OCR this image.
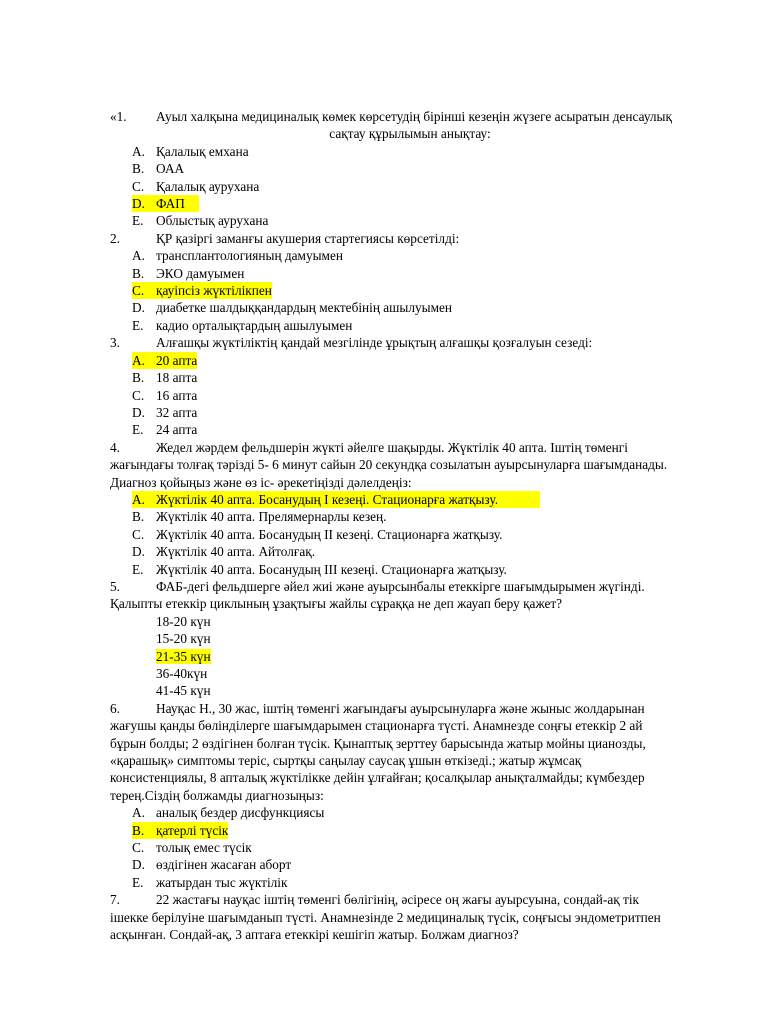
«1.	Ауыл халқына медициналық көмек көрсетудің бірінші кезеңін жүзеге асыратын денсаулық
сақтау құрылымын анықтау:
A. Қалалық емхана
B. ОАА
C. Қалалық аурухана
D. ФАП
E. Облыстық аурухана
2.	ҚР қазіргі заманғы акушерия стартегиясы көрсетілді:
A. трансплантологияның дамуымен
B. ЭКО дамуымен
C. қауіпсіз жүктілікпен
D. диабетке шалдыққандардың мектебінің ашылуымен
E. кадио орталықтардың ашылуымен
3.	Алғашқы жүктіліктің қандай мезгілінде ұрықтың алғашқы қозғалуын сезеді:
A. 20 апта
B. 18 апта
C. 16 апта
D. 32 апта
E. 24 апта
4.	Жедел жәрдем фельдшерін жүкті әйелге шақырды. Жүктілік 40 апта. Іштің төменгі
жағындағы толғақ тәрізді 5- 6 минут сайын 20 секундқа созылатын ауырсынуларға шағымданады.
Диагноз қойыңыз және өз іс- әрекетіңізді дәлелдеңіз:
A. Жүктілік 40 апта. Босанудың I кезеңі. Стационарға жатқызу.
B. Жүктілік 40 апта. Прелямернарлы кезең.
C. Жүктілік 40 апта. Босанудың II кезеңі. Стационарға жатқызу.
D. Жүктілік 40 апта. Айтолғақ.
E. Жүктілік 40 апта. Босанудың III кезеңі. Стационарға жатқызу.
5.	ФАБ-дегі фельдшерге әйел жиі және ауырсынбалы етеккірге шағымдырымен жүгінді.
Қалыпты етеккір циклының ұзақтығы жайлы сұраққа не деп жауап беру қажет?
18-20 күн
15-20 күн
21-35 күн
36-40күн
41-45 күн
6.	Науқас Н., 30 жас, іштің төменгі жағындағы ауырсынуларға және жыныс жолдарынан
жағушы қанды бөлінділерге шағымдарымен стационарға түсті. Анамнезде соңғы етеккір 2 ай
бұрын болды; 2 өздігінен болған түсік. Қынаптық зерттеу барысында жатыр мойны цианозды,
«қарашық» симптомы теріс, сыртқы саңылау саусақ ұшын өткізеді.; жатыр жұмсақ
консистенциялы, 8 апталық жүктілікке дейін ұлғайған; қосалқылар анықталмайды; күмбездер
терең.Сіздің болжамды диагнозыңыз:
A. аналық бездер дисфункциясы
B. қатерлі түсік
C. толық емес түсік
D. өздігінен жасаған аборт
E. жатырдан тыс жүктілік
7.	22 жастағы науқас іштің төменгі бөлігінің, әсіресе оң жағы ауырсуына, сондай-ақ тік
ішекке берілуіне шағымданып түсті. Анамнезінде 2 медициналық түсік, соңғысы эндометритпен
асқынған. Сондай-ақ, 3 аптаға етеккірі кешігіп жатыр. Болжам диагноз?
